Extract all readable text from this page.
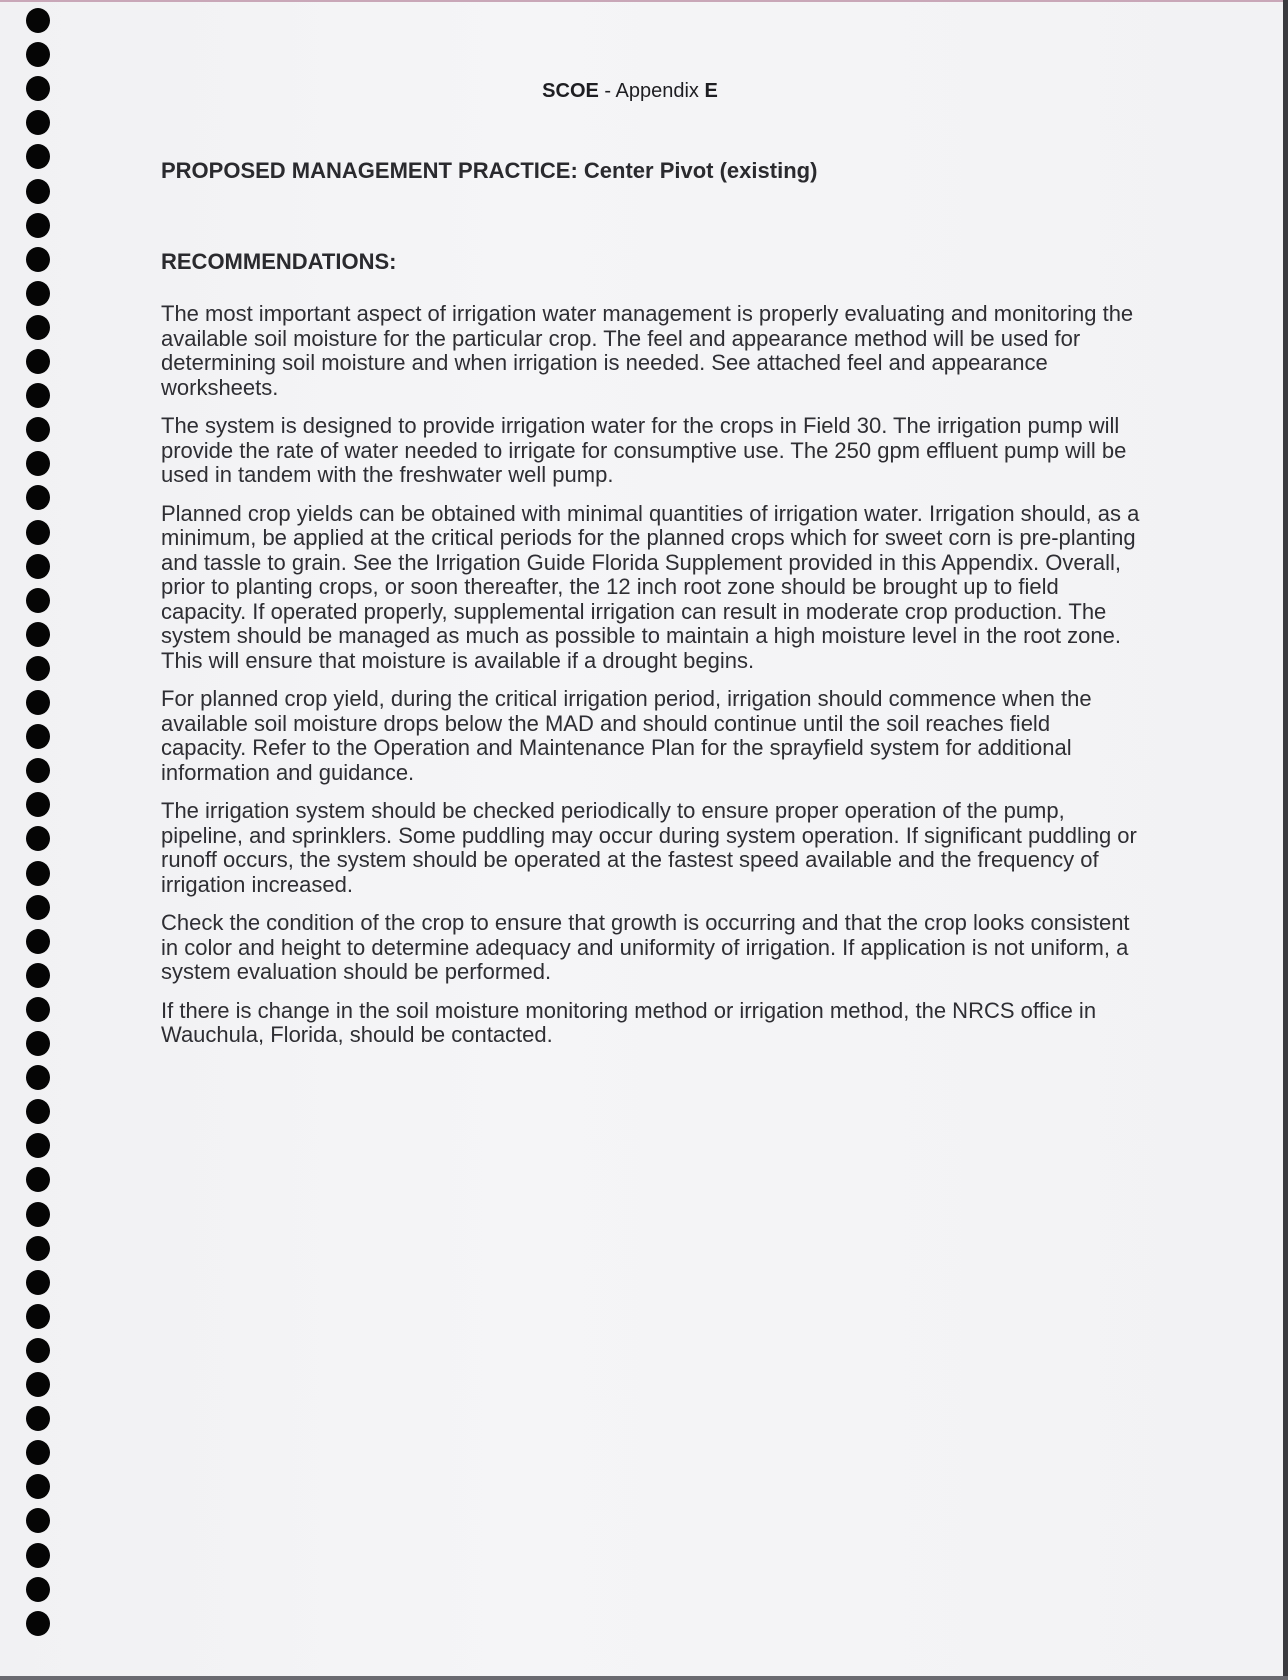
SCOE - Appendix E
PROPOSED MANAGEMENT PRACTICE: Center Pivot (existing)
RECOMMENDATIONS:

The most important aspect of irrigation water management is properly evaluating and monitoring the available soil moisture for the particular crop. The feel and appearance method will be used for determining soil moisture and when irrigation is needed. See attached feel and appearance worksheets.

The system is designed to provide irrigation water for the crops in Field 30. The irrigation pump will provide the rate of water needed to irrigate for consumptive use. The 250 gpm effluent pump will be used in tandem with the freshwater well pump.

Planned crop yields can be obtained with minimal quantities of irrigation water. Irrigation should, as a minimum, be applied at the critical periods for the planned crops which for sweet corn is pre-planting and tassle to grain. See the Irrigation Guide Florida Supplement provided in this Appendix. Overall, prior to planting crops, or soon thereafter, the 12 inch root zone should be brought up to field capacity. If operated properly, supplemental irrigation can result in moderate crop production. The system should be managed as much as possible to maintain a high moisture level in the root zone. This will ensure that moisture is available if a drought begins.

For planned crop yield, during the critical irrigation period, irrigation should commence when the available soil moisture drops below the MAD and should continue until the soil reaches field capacity. Refer to the Operation and Maintenance Plan for the sprayfield system for additional information and guidance.

The irrigation system should be checked periodically to ensure proper operation of the pump, pipeline, and sprinklers. Some puddling may occur during system operation. If significant puddling or runoff occurs, the system should be operated at the fastest speed available and the frequency of irrigation increased.

Check the condition of the crop to ensure that growth is occurring and that the crop looks consistent in color and height to determine adequacy and uniformity of irrigation. If application is not uniform, a system evaluation should be performed.

If there is change in the soil moisture monitoring method or irrigation method, the NRCS office in Wauchula, Florida, should be contacted.
